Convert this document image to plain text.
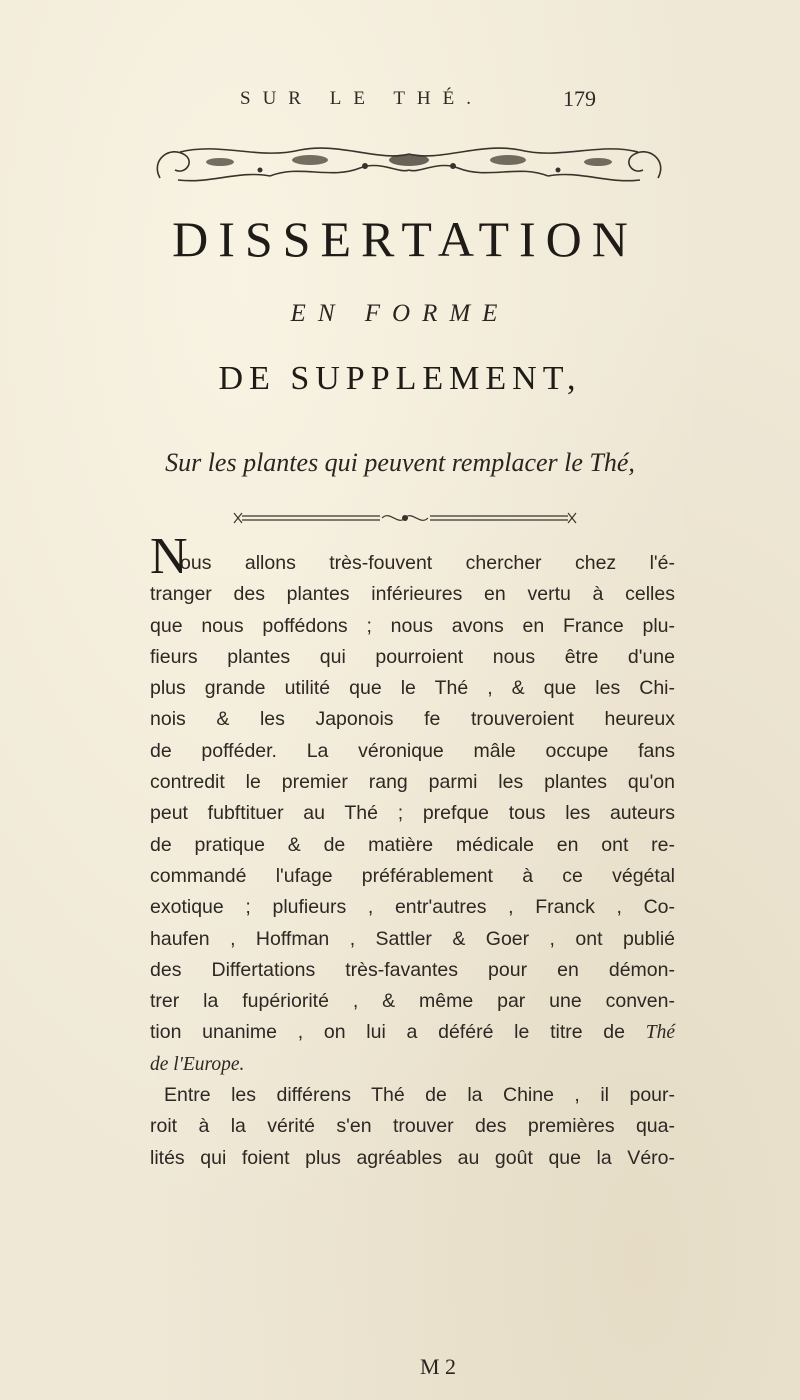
SUR LE THÉ.	179
DISSERTATION
EN FORME
DE SUPPLEMENT,
Sur les plantes qui peuvent remplacer le Thé,
N
ous allons très-fouvent chercher chez l'é-
tranger des plantes inférieures en vertu à celles
que nous poffédons ; nous avons en France plu-
fieurs plantes qui pourroient nous être d'une
plus grande utilité que le Thé , & que les Chi-
nois & les Japonois fe trouveroient heureux
de pofféder. La véronique mâle occupe fans
contredit le premier rang parmi les plantes qu'on
peut fubftituer au Thé ; prefque tous les auteurs
de pratique & de matière médicale en ont re-
commandé l'ufage préférablement à ce végétal
exotique ; plufieurs , entr'autres , Franck , Co-
haufen , Hoffman , Sattler & Goer , ont publié
des Differtations très-favantes pour en démon-
trer la fupériorité , & même par une conven-
tion unanime , on lui a déféré le titre de Thé
de l'Europe.
Entre les différens Thé de la Chine , il pour-
roit à la vérité s'en trouver des premières qua-
lités qui foient plus agréables au goût que la Véro-
M 2
